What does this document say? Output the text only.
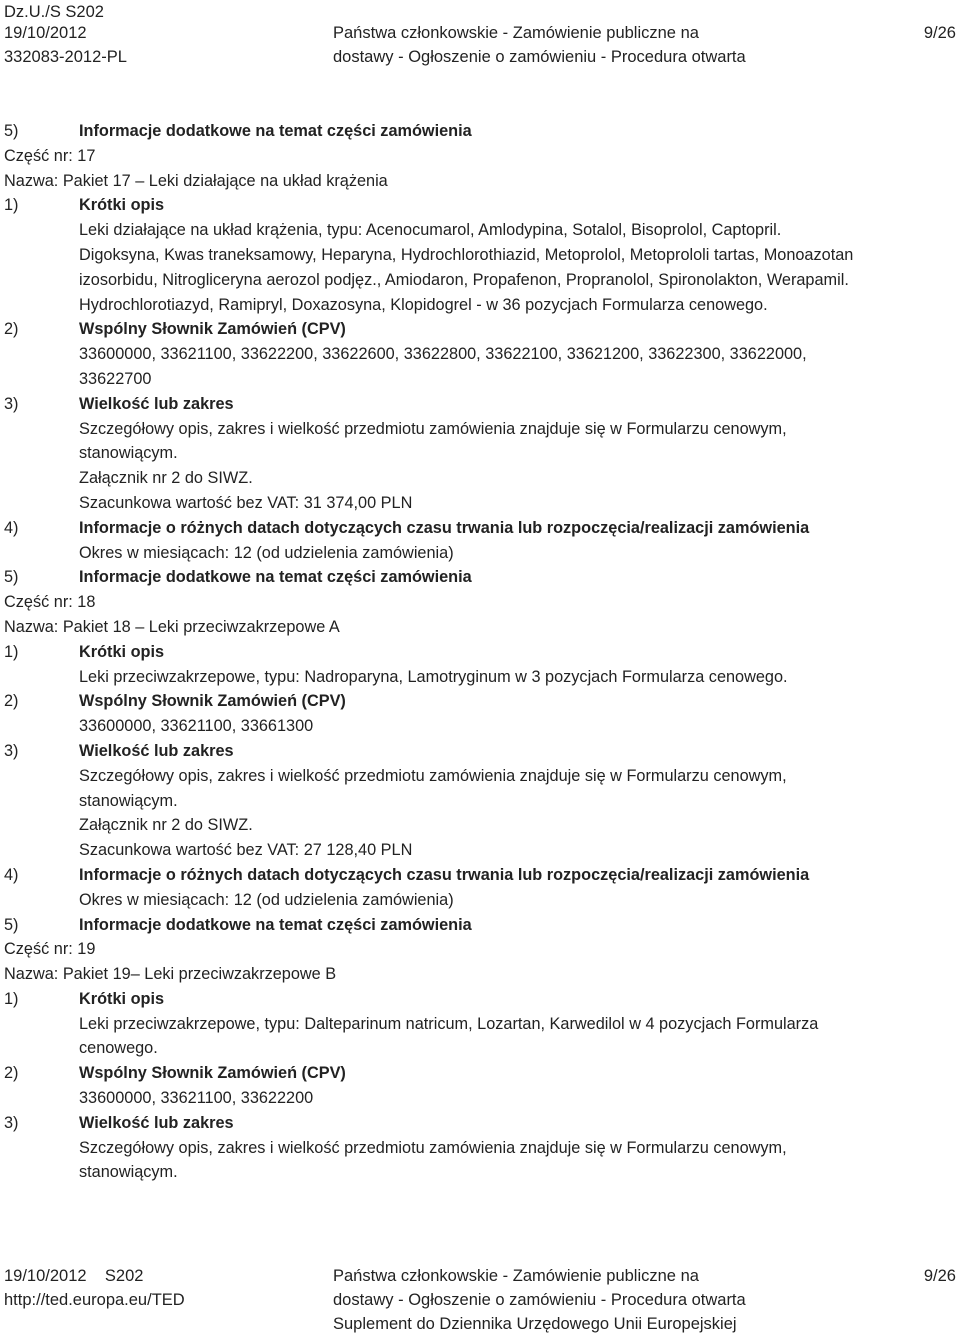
Dz.U./S S202
19/10/2012
332083-2012-PL
Państwa członkowskie - Zamówienie publiczne na
dostawy - Ogłoszenie o zamówieniu - Procedura otwarta
9/26
5)	Informacje dodatkowe na temat części zamówienia
Część nr: 17
Nazwa: Pakiet 17 – Leki działające na układ krążenia
1)	Krótki opis
Leki działające na układ krążenia, typu: Acenocumarol, Amlodypina, Sotalol, Bisoprolol, Captopril.
Digoksyna, Kwas traneksamowy, Heparyna, Hydrochlorothiazid, Metoprolol, Metoprololi tartas, Monoazotan
izosorbidu, Nitrogliceryna aerozol podjęz., Amiodaron, Propafenon, Propranolol, Spironolakton, Werapamil.
Hydrochlorotiazyd, Ramipryl, Doxazosyna, Klopidogrel - w 36 pozycjach Formularza cenowego.
2)	Wspólny Słownik Zamówień (CPV)
33600000, 33621100, 33622200, 33622600, 33622800, 33622100, 33621200, 33622300, 33622000,
33622700
3)	Wielkość lub zakres
Szczegółowy opis, zakres i wielkość przedmiotu zamówienia znajduje się w Formularzu cenowym,
stanowiącym.
Załącznik nr 2 do SIWZ.
Szacunkowa wartość bez VAT: 31 374,00 PLN
4)	Informacje o różnych datach dotyczących czasu trwania lub rozpoczęcia/realizacji zamówienia
Okres w miesiącach: 12 (od udzielenia zamówienia)
5)	Informacje dodatkowe na temat części zamówienia
Część nr: 18
Nazwa: Pakiet 18 – Leki przeciwzakrzepowe A
1)	Krótki opis
Leki przeciwzakrzepowe, typu: Nadroparyna, Lamotryginum w 3 pozycjach Formularza cenowego.
2)	Wspólny Słownik Zamówień (CPV)
33600000, 33621100, 33661300
3)	Wielkość lub zakres
Szczegółowy opis, zakres i wielkość przedmiotu zamówienia znajduje się w Formularzu cenowym,
stanowiącym.
Załącznik nr 2 do SIWZ.
Szacunkowa wartość bez VAT: 27 128,40 PLN
4)	Informacje o różnych datach dotyczących czasu trwania lub rozpoczęcia/realizacji zamówienia
Okres w miesiącach: 12 (od udzielenia zamówienia)
5)	Informacje dodatkowe na temat części zamówienia
Część nr: 19
Nazwa: Pakiet 19– Leki przeciwzakrzepowe B
1)	Krótki opis
Leki przeciwzakrzepowe, typu: Dalteparinum natricum, Lozartan, Karwedilol w 4 pozycjach Formularza
cenowego.
2)	Wspólny Słownik Zamówień (CPV)
33600000, 33621100, 33622200
3)	Wielkość lub zakres
Szczegółowy opis, zakres i wielkość przedmiotu zamówienia znajduje się w Formularzu cenowym,
stanowiącym.
19/10/2012    S202
http://ted.europa.eu/TED
Państwa członkowskie - Zamówienie publiczne na
dostawy - Ogłoszenie o zamówieniu - Procedura otwarta
Suplement do Dziennika Urzędowego Unii Europejskiej
9/26
